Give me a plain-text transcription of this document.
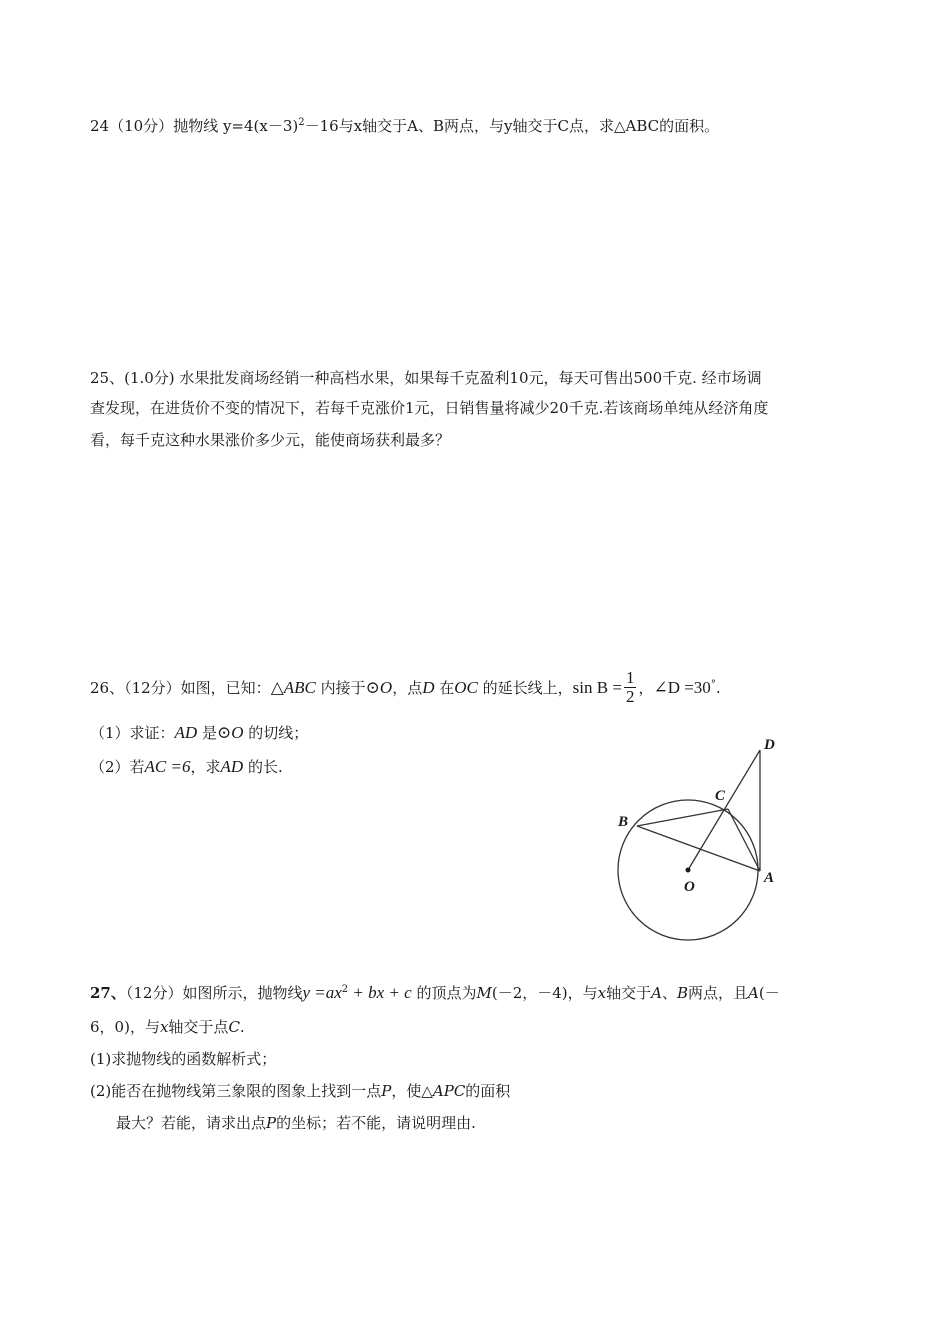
24（10分）抛物线 $y=4(x-3)^2-16$与x轴交于A、B两点，与y轴交于C点，求△ABC的面积。
25、(1.0分) 水果批发商场经销一种高档水果，如果每千克盈利10元，每天可售出500千克. 经市场调
查发现，在进货价不变的情况下，若每千克涨价1元，日销售量将减少20千克.若该商场单纯从经济角度
看，每千克这种水果涨价多少元，能使商场获利最多？
26、（12分）如图，已知：△ABC 内接于⊙O，点D 在OC 的延长线上，$\sin B = \frac{1}{2}$ ，∠D =30°.
（1）求证：AD 是⊙O 的切线；
（2）若AC =6，求AD 的长.
D
C
B
A
O
27、（12分）如图所示，抛物线$y =ax^2$ + bx + c 的顶点为M(－2，－4)，与x轴交于A、B两点，且A(－
6，0)，与x轴交于点C.
(1)求抛物线的函数解析式；
(2)能否在抛物线第三象限的图象上找到一点P，使△APC的面积
最大？若能，请求出点P的坐标；若不能，请说明理由.
